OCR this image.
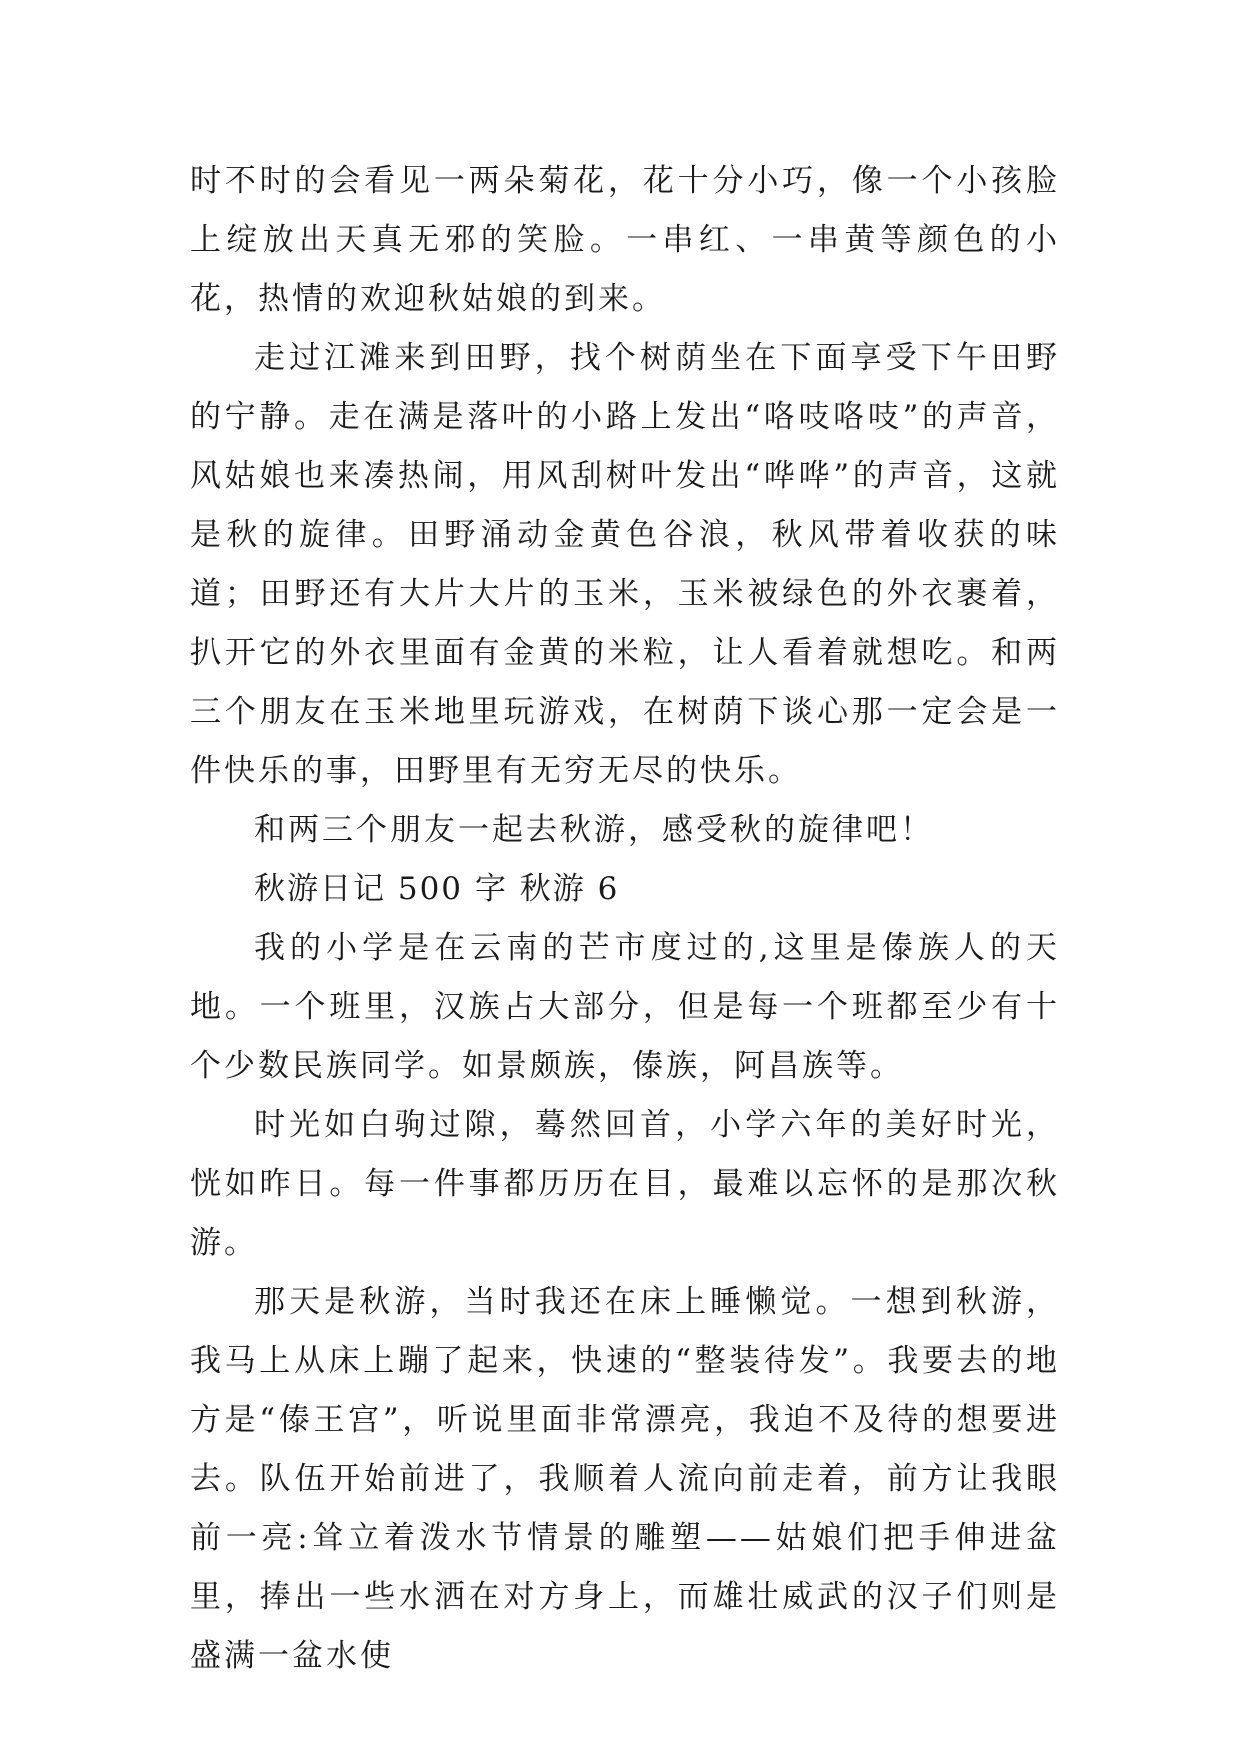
时不时的会看见一两朵菊花，花十分小巧，像一个小孩脸上绽放出天真无邪的笑脸。一串红、一串黄等颜色的小花，热情的欢迎秋姑娘的到来。

走过江滩来到田野，找个树荫坐在下面享受下午田野的宁静。走在满是落叶的小路上发出“咯吱咯吱”的声音，风姑娘也来凑热闹，用风刮树叶发出“哗哗”的声音，这就是秋的旋律。田野涌动金黄色谷浪，秋风带着收获的味道；田野还有大片大片的玉米，玉米被绿色的外衣裹着，扒开它的外衣里面有金黄的米粒，让人看着就想吃。和两三个朋友在玉米地里玩游戏，在树荫下谈心那一定会是一件快乐的事，田野里有无穷无尽的快乐。

和两三个朋友一起去秋游，感受秋的旋律吧！

秋游日记 500 字 秋游 6

我的小学是在云南的芒市度过的,这里是傣族人的天地。一个班里，汉族占大部分，但是每一个班都至少有十个少数民族同学。如景颇族，傣族，阿昌族等。

时光如白驹过隙，蓦然回首，小学六年的美好时光，恍如昨日。每一件事都历历在目，最难以忘怀的是那次秋游。

那天是秋游，当时我还在床上睡懒觉。一想到秋游，我马上从床上蹦了起来，快速的“整装待发”。我要去的地方是“傣王宫”，听说里面非常漂亮，我迫不及待的想要进去。队伍开始前进了，我顺着人流向前走着，前方让我眼前一亮:耸立着泼水节情景的雕塑——姑娘们把手伸进盆里，捧出一些水洒在对方身上，而雄壮威武的汉子们则是盛满一盆水使
